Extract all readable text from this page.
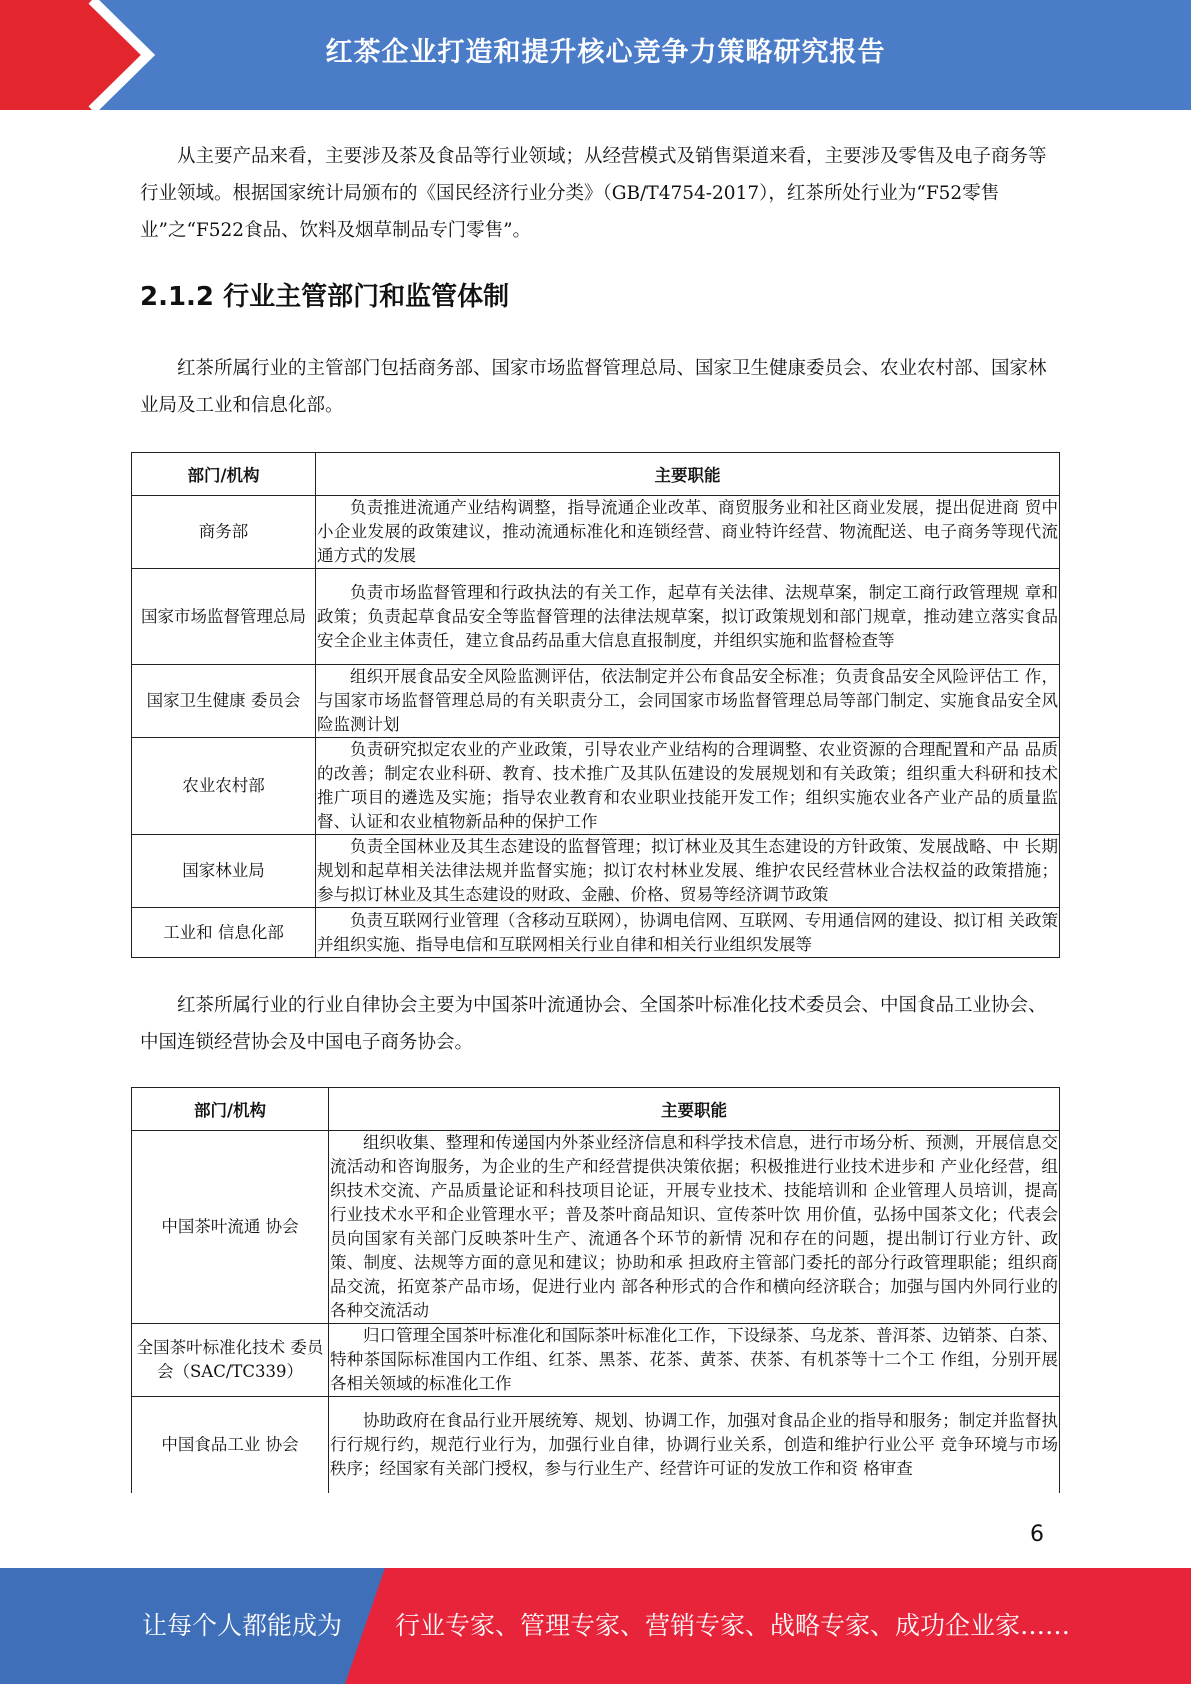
红茶企业打造和提升核心竞争力策略研究报告

从主要产品来看，主要涉及茶及食品等行业领域；从经营模式及销售渠道来看，主要涉及零售及电子商务等行业领域。根据国家统计局颁布的《国民经济行业分类》（GB/T4754-2017），红茶所处行业为“F52零售业”之“F522食品、饮料及烟草制品专门零售”。

2.1.2 行业主管部门和监管体制

红茶所属行业的主管部门包括商务部、国家市场监督管理总局、国家卫生健康委员会、农业农村部、国家林业局及工业和信息化部。

部门/机构	主要职能
商务部	负责推进流通产业结构调整，指导流通企业改革、商贸服务业和社区商业发展，提出促进商 贸中小企业发展的政策建议，推动流通标准化和连锁经营、商业特许经营、物流配送、电子商务等现代流通方式的发展
国家市场监督管理总局	负责市场监督管理和行政执法的有关工作，起草有关法律、法规草案，制定工商行政管理规 章和政策；负责起草食品安全等监督管理的法律法规草案，拟订政策规划和部门规章，推动建立落实食品安全企业主体责任，建立食品药品重大信息直报制度，并组织实施和监督检查等
国家卫生健康 委员会	组织开展食品安全风险监测评估，依法制定并公布食品安全标准；负责食品安全风险评估工 作，与国家市场监督管理总局的有关职责分工，会同国家市场监督管理总局等部门制定、实施食品安全风险监测计划
农业农村部	负责研究拟定农业的产业政策，引导农业产业结构的合理调整、农业资源的合理配置和产品 品质的改善；制定农业科研、教育、技术推广及其队伍建设的发展规划和有关政策；组织重大科研和技术推广项目的遴选及实施；指导农业教育和农业职业技能开发工作；组织实施农业各产业产品的质量监督、认证和农业植物新品种的保护工作
国家林业局	负责全国林业及其生态建设的监督管理；拟订林业及其生态建设的方针政策、发展战略、中 长期规划和起草相关法律法规并监督实施；拟订农村林业发展、维护农民经营林业合法权益的政策措施；参与拟订林业及其生态建设的财政、金融、价格、贸易等经济调节政策
工业和 信息化部	负责互联网行业管理（含移动互联网），协调电信网、互联网、专用通信网的建设、拟订相 关政策并组织实施、指导电信和互联网相关行业自律和相关行业组织发展等

红茶所属行业的行业自律协会主要为中国茶叶流通协会、全国茶叶标准化技术委员会、中国食品工业协会、中国连锁经营协会及中国电子商务协会。

部门/机构	主要职能
中国茶叶流通 协会	组织收集、整理和传递国内外茶业经济信息和科学技术信息，进行市场分析、预测，开展信息交流活动和咨询服务，为企业的生产和经营提供决策依据；积极推进行业技术进步和 产业化经营，组织技术交流、产品质量论证和科技项目论证，开展专业技术、技能培训和 企业管理人员培训，提高行业技术水平和企业管理水平；普及茶叶商品知识、宣传茶叶饮 用价值，弘扬中国茶文化；代表会员向国家有关部门反映茶叶生产、流通各个环节的新情 况和存在的问题，提出制订行业方针、政策、制度、法规等方面的意见和建议；协助和承 担政府主管部门委托的部分行政管理职能；组织商品交流，拓宽茶产品市场，促进行业内 部各种形式的合作和横向经济联合；加强与国内外同行业的各种交流活动
全国茶叶标准化技术 委员会（SAC/TC339）	归口管理全国茶叶标准化和国际茶叶标准化工作，下设绿茶、乌龙茶、普洱茶、边销茶、白茶、特种茶国际标准国内工作组、红茶、黑茶、花茶、黄茶、茯茶、有机茶等十二个工 作组，分别开展各相关领域的标准化工作
中国食品工业 协会	协助政府在食品行业开展统筹、规划、协调工作，加强对食品企业的指导和服务；制定并监督执行行规行约，规范行业行为，加强行业自律，协调行业关系，创造和维护行业公平 竞争环境与市场秩序；经国家有关部门授权，参与行业生产、经营许可证的发放工作和资 格审查
6
让每个人都能成为 行业专家、管理专家、营销专家、战略专家、成功企业家……
